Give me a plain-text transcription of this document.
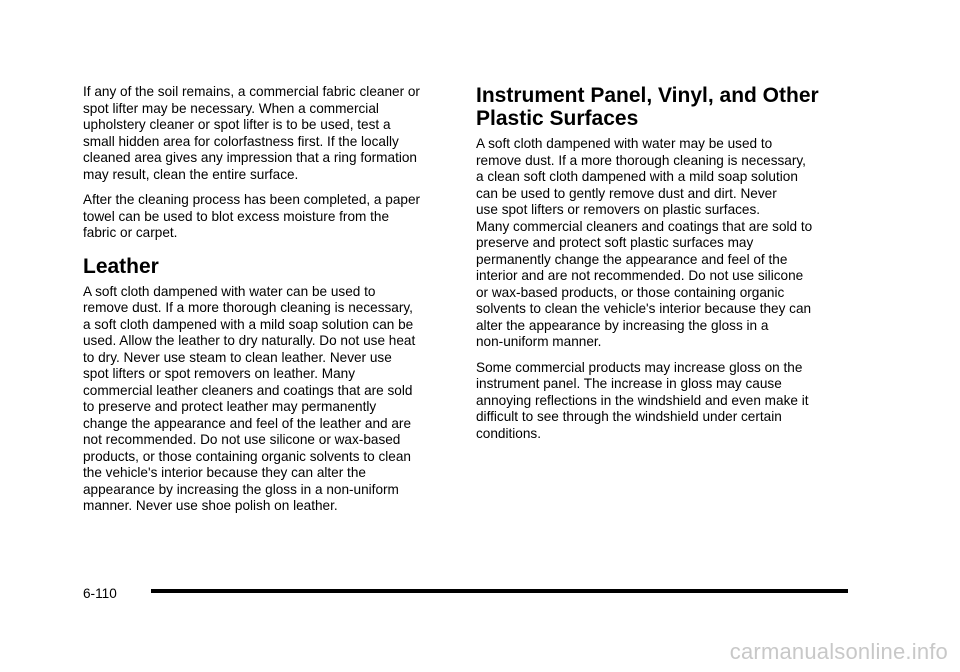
If any of the soil remains, a commercial fabric cleaner or
spot lifter may be necessary. When a commercial
upholstery cleaner or spot lifter is to be used, test a
small hidden area for colorfastness first. If the locally
cleaned area gives any impression that a ring formation
may result, clean the entire surface.

After the cleaning process has been completed, a paper
towel can be used to blot excess moisture from the
fabric or carpet.

Leather

A soft cloth dampened with water can be used to
remove dust. If a more thorough cleaning is necessary,
a soft cloth dampened with a mild soap solution can be
used. Allow the leather to dry naturally. Do not use heat
to dry. Never use steam to clean leather. Never use
spot lifters or spot removers on leather. Many
commercial leather cleaners and coatings that are sold
to preserve and protect leather may permanently
change the appearance and feel of the leather and are
not recommended. Do not use silicone or wax-based
products, or those containing organic solvents to clean
the vehicle's interior because they can alter the
appearance by increasing the gloss in a non-uniform
manner. Never use shoe polish on leather.

Instrument Panel, Vinyl, and Other
Plastic Surfaces

A soft cloth dampened with water may be used to
remove dust. If a more thorough cleaning is necessary,
a clean soft cloth dampened with a mild soap solution
can be used to gently remove dust and dirt. Never
use spot lifters or removers on plastic surfaces.
Many commercial cleaners and coatings that are sold to
preserve and protect soft plastic surfaces may
permanently change the appearance and feel of the
interior and are not recommended. Do not use silicone
or wax-based products, or those containing organic
solvents to clean the vehicle's interior because they can
alter the appearance by increasing the gloss in a
non-uniform manner.

Some commercial products may increase gloss on the
instrument panel. The increase in gloss may cause
annoying reflections in the windshield and even make it
difficult to see through the windshield under certain
conditions.

6-110
carmanualsonline.info
